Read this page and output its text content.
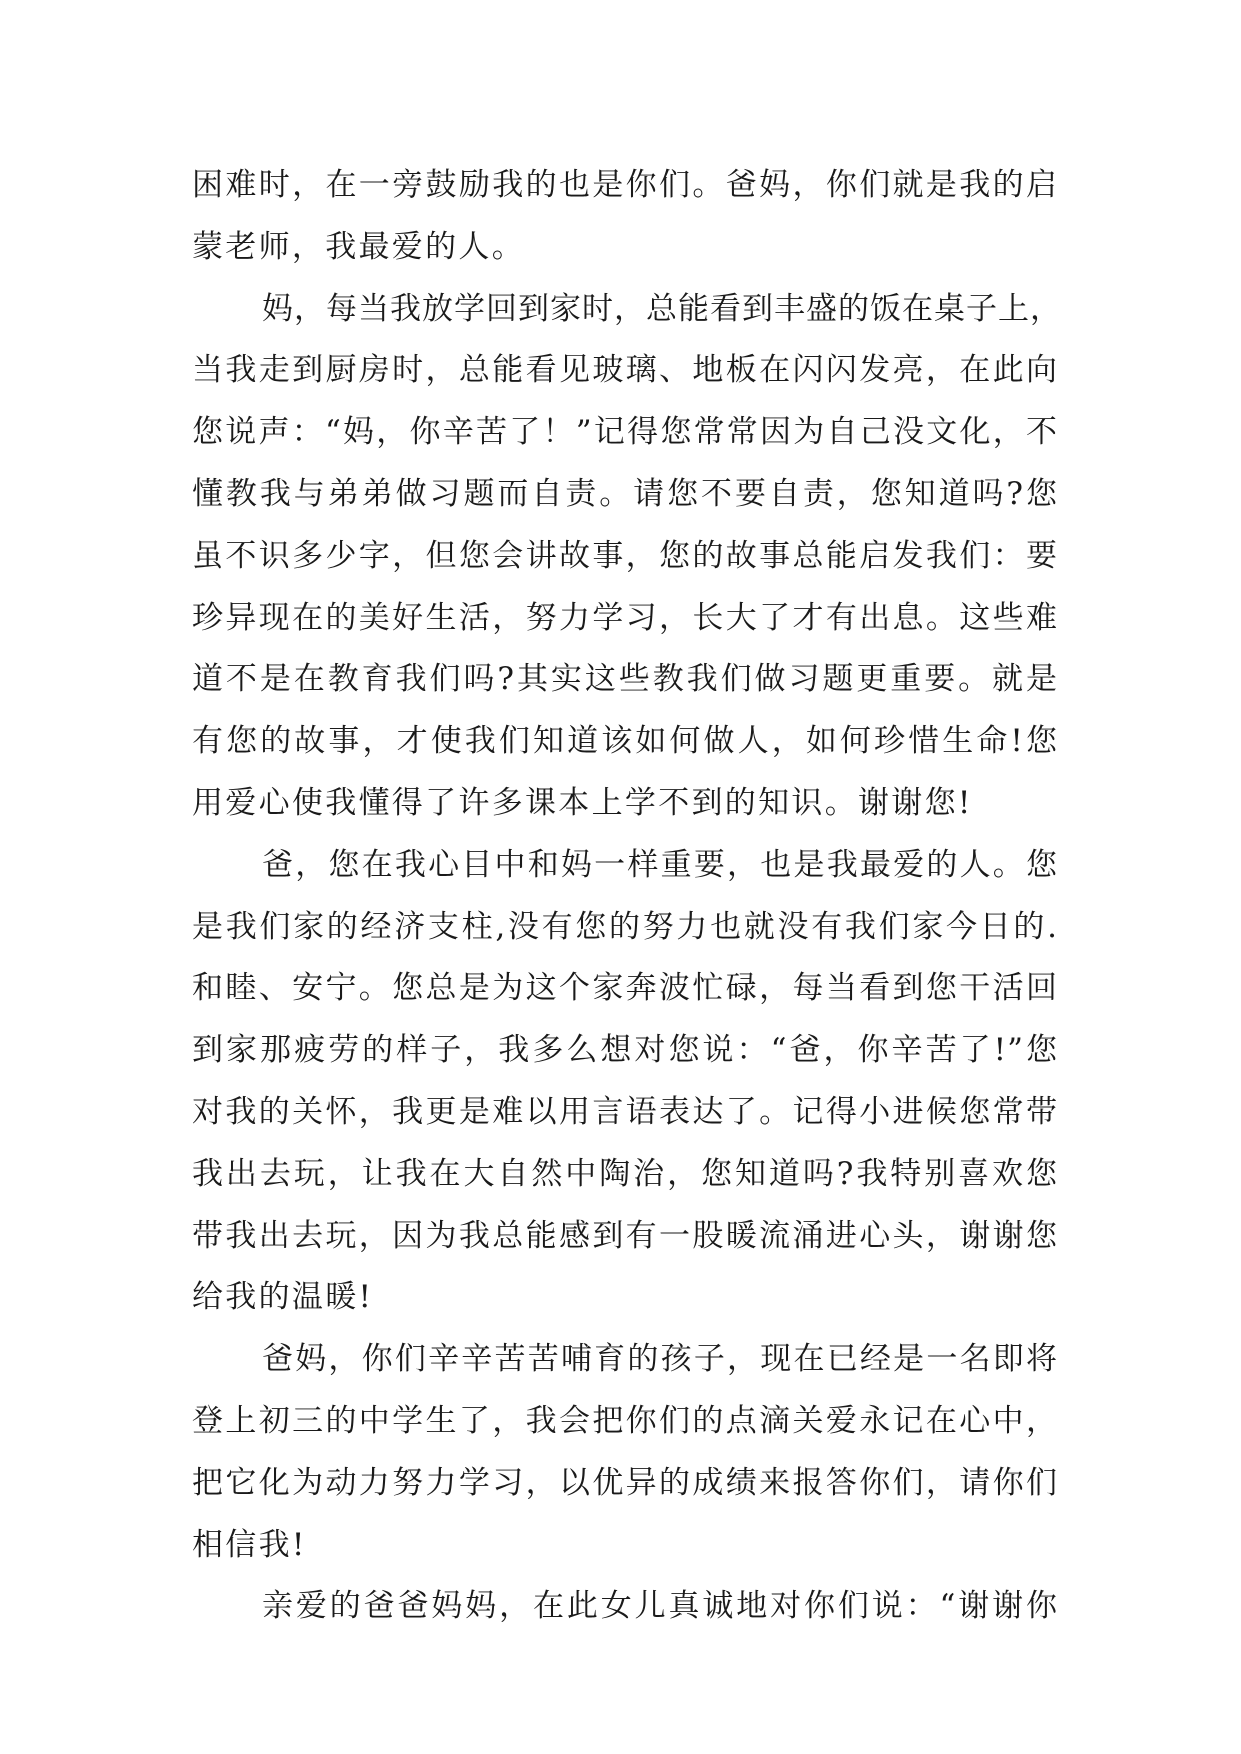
困难时，在一旁鼓励我的也是你们。爸妈，你们就是我的启
蒙老师，我最爱的人。
妈，每当我放学回到家时，总能看到丰盛的饭在桌子上，
当我走到厨房时，总能看见玻璃、地板在闪闪发亮，在此向
您说声：“妈，你辛苦了！”记得您常常因为自己没文化，不
懂教我与弟弟做习题而自责。请您不要自责，您知道吗?您
虽不识多少字，但您会讲故事，您的故事总能启发我们：要
珍异现在的美好生活，努力学习，长大了才有出息。这些难
道不是在教育我们吗?其实这些教我们做习题更重要。就是
有您的故事，才使我们知道该如何做人，如何珍惜生命!您
用爱心使我懂得了许多课本上学不到的知识。谢谢您!
爸，您在我心目中和妈一样重要，也是我最爱的人。您
是我们家的经济支柱,没有您的努力也就没有我们家今日的.
和睦、安宁。您总是为这个家奔波忙碌，每当看到您干活回
到家那疲劳的样子，我多么想对您说：“爸，你辛苦了!”您
对我的关怀，我更是难以用言语表达了。记得小进候您常带
我出去玩，让我在大自然中陶治，您知道吗?我特别喜欢您
带我出去玩，因为我总能感到有一股暖流涌进心头，谢谢您
给我的温暖!
爸妈，你们辛辛苦苦哺育的孩子，现在已经是一名即将
登上初三的中学生了，我会把你们的点滴关爱永记在心中，
把它化为动力努力学习，以优异的成绩来报答你们，请你们
相信我!
亲爱的爸爸妈妈，在此女儿真诚地对你们说：“谢谢你
